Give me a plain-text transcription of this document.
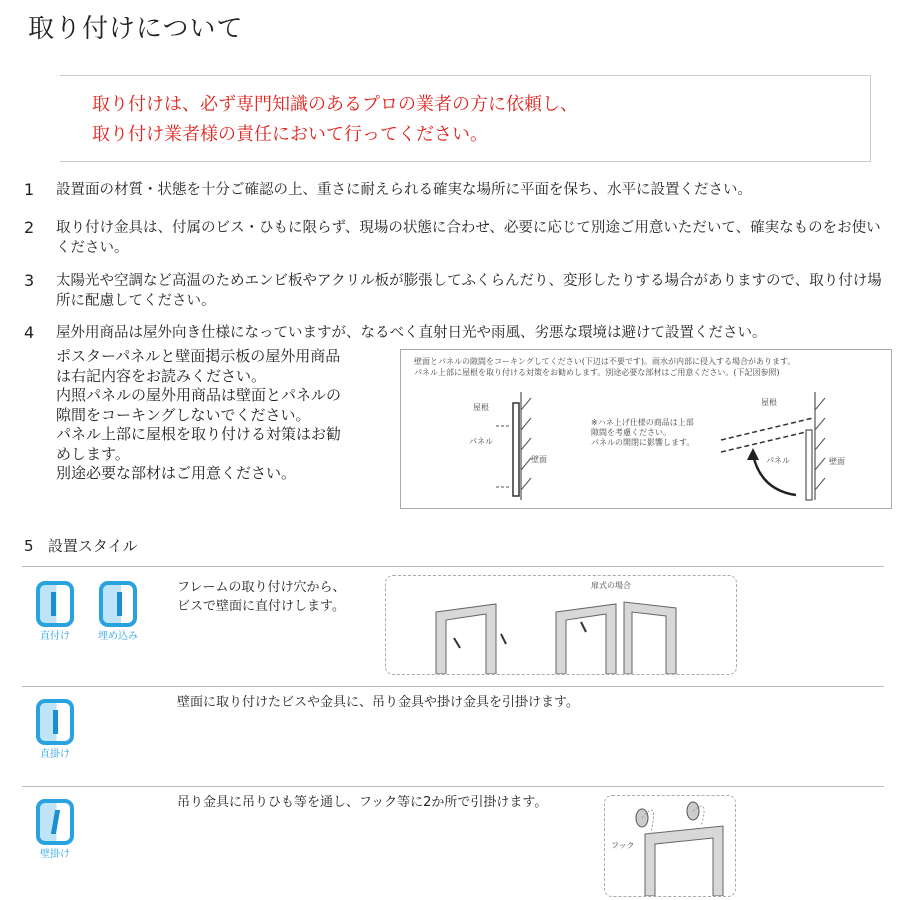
取り付けについて

取り付けは、必ず専門知識のあるプロの業者の方に依頼し、

取り付け業者様の責任において行ってください。

1 設置面の材質・状態を十分ご確認の上、重さに耐えられる確実な場所に平面を保ち、水平に設置ください。
2 取り付け金具は、付属のビス・ひもに限らず、現場の状態に合わせ、必要に応じて別途ご用意いただいて、確実なものをお使いください。
3 太陽光や空調など高温のためエンビ板やアクリル板が膨張してふくらんだり、変形したりする場合がありますので、取り付け場所に配慮してください。
4 屋外用商品は屋外向き仕様になっていますが、なるべく直射日光や雨風、劣悪な環境は避けて設置ください。
ポスターパネルと壁面掲示板の屋外用商品
は右記内容をお読みください。
内照パネルの屋外用商品は壁面とパネルの
隙間をコーキングしないでください。
パネル上部に屋根を取り付ける対策はお勧
めします。
別途必要な部材はご用意ください。
壁面とパネルの隙間をコーキングしてください(下辺は不要です)。雨水が内部に侵入する場合があります。
パネル上部に屋根を取り付ける対策をお勧めします。別途必要な部材はご用意ください。(下記図参照)
屋根
パネル
壁面
※ハネ上げ仕様の商品は上部
隙間を考慮ください。
パネルの開閉に影響します。
屋根
パネル	壁面
5 設置スタイル
直付け	埋め込み
フレームの取り付け穴から、
ビスで壁面に直付けします。
扉式の場合
直掛け
壁面に取り付けたビスや金具に、吊り金具や掛け金具を引掛けます。
壁掛け
吊り金具に吊りひも等を通し、フック等に2か所で引掛けます。
フック
